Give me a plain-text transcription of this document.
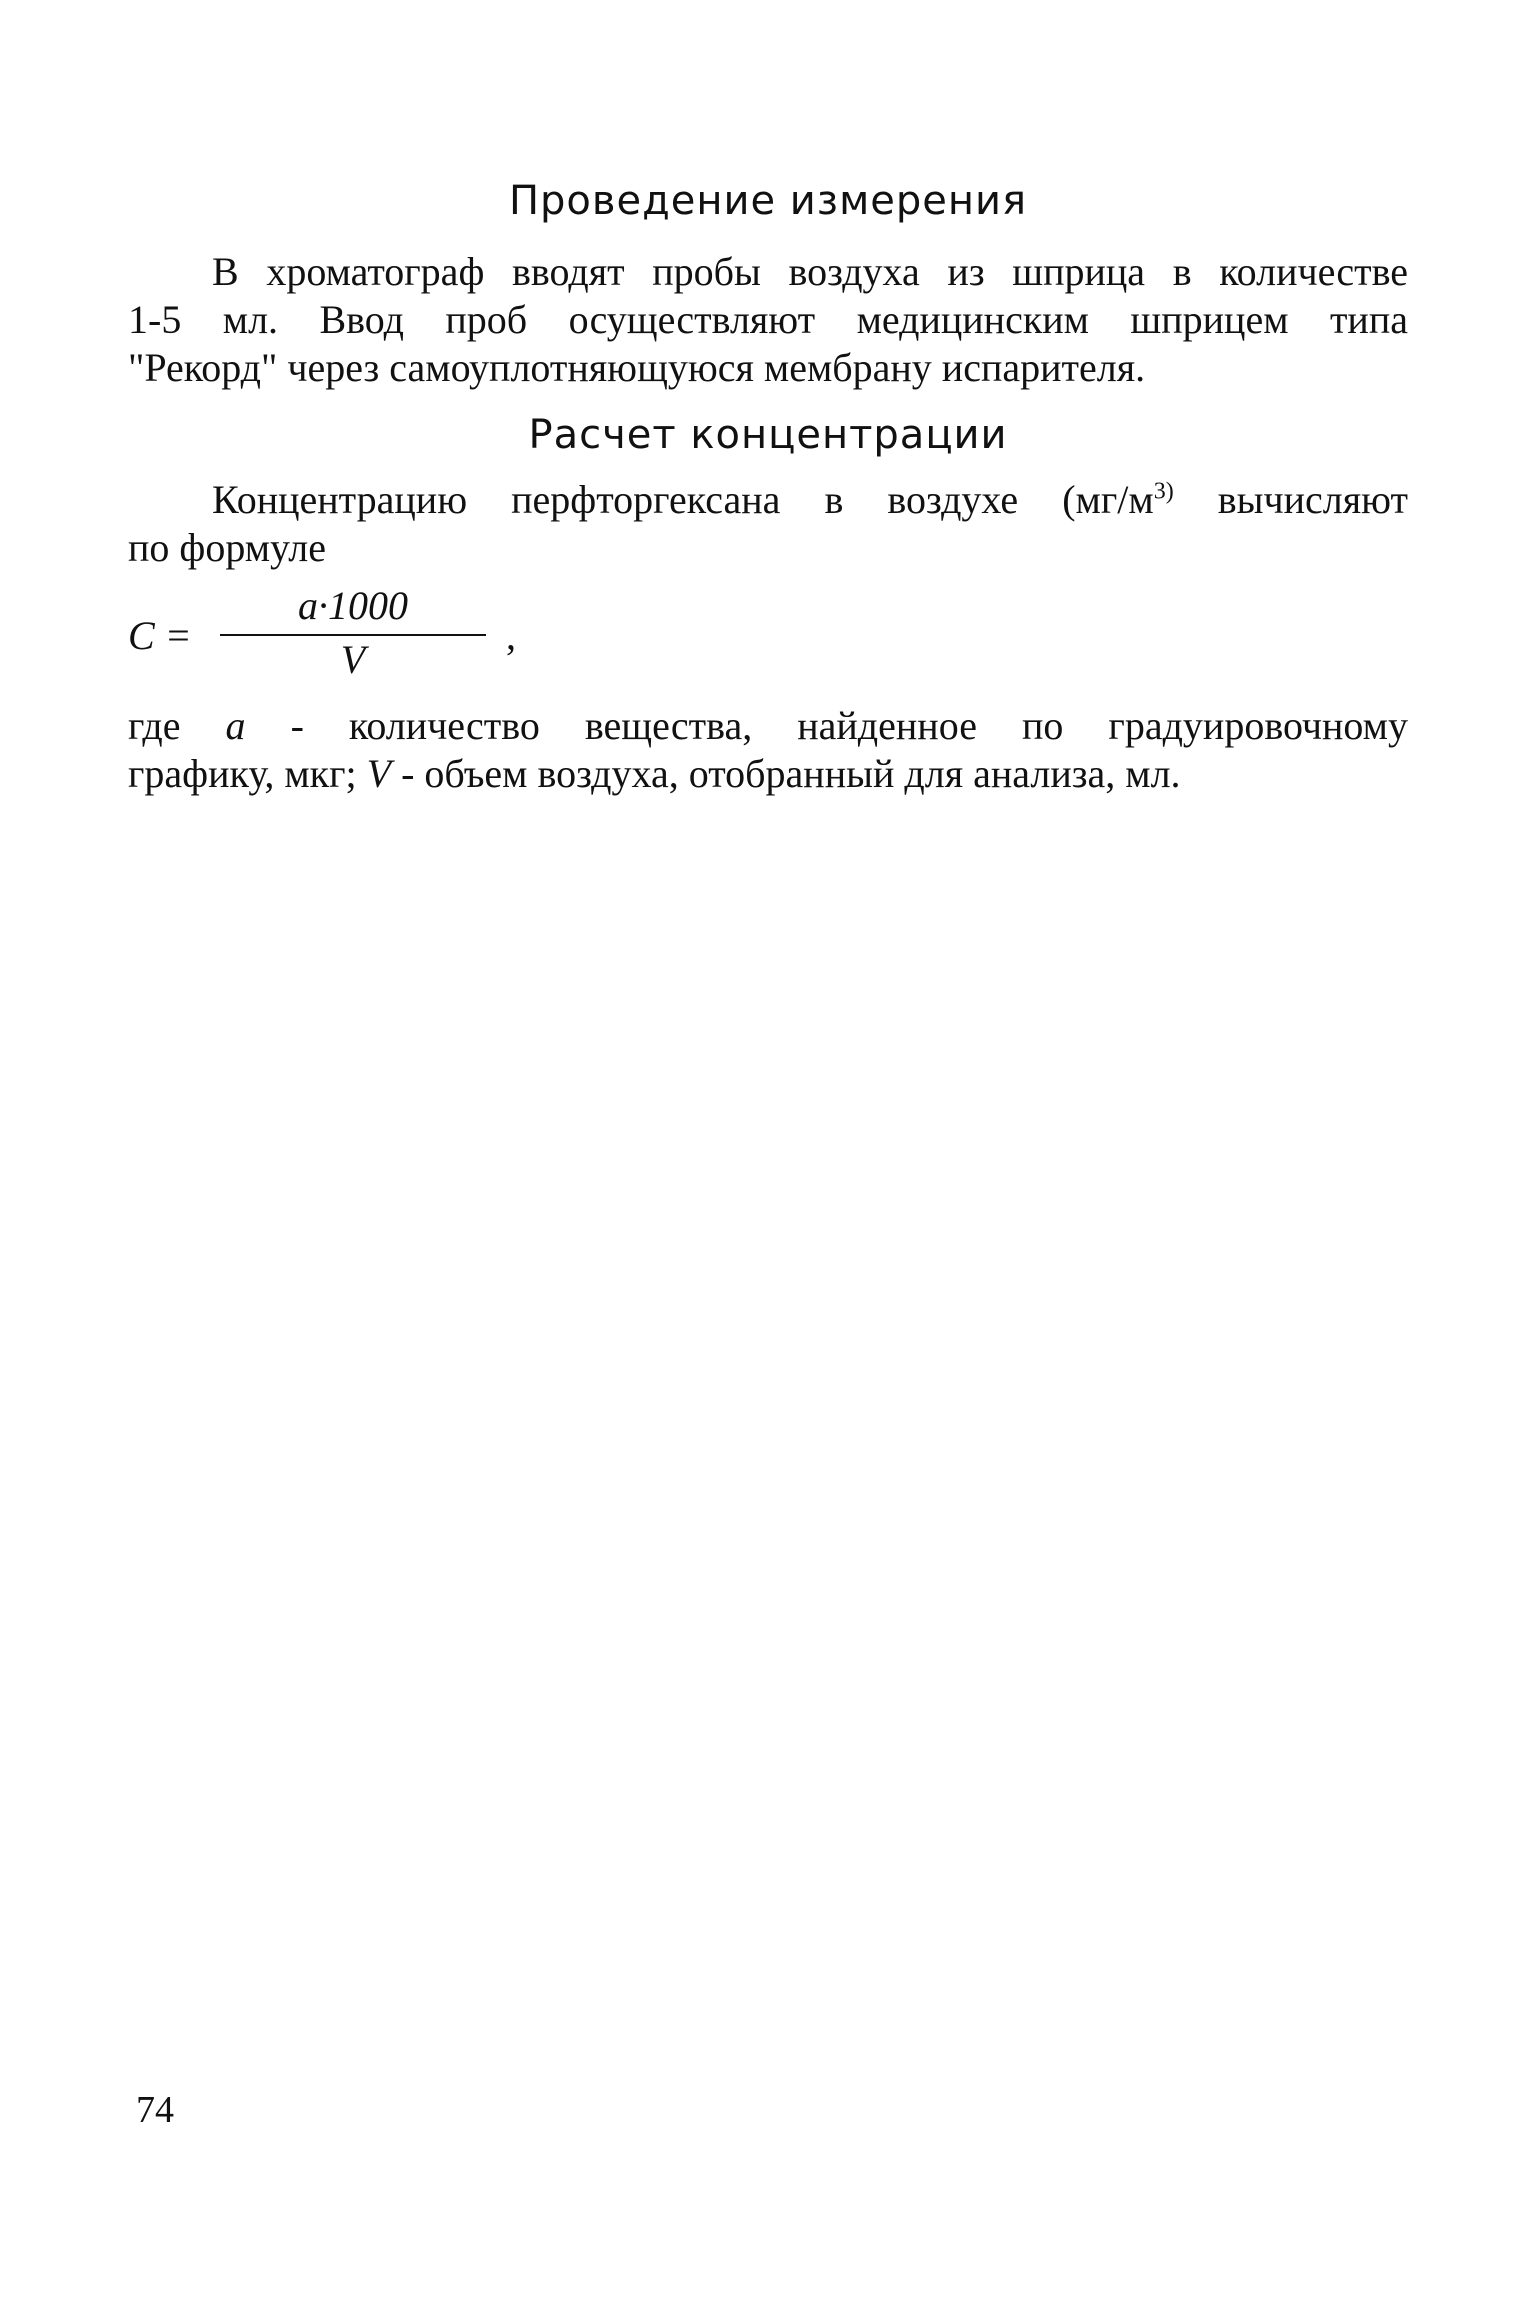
Проведение измерения
В хроматограф вводят пробы воздуха из шприца в количестве
1-5 мл. Ввод проб осуществляют медицинским шприцем типа
"Рекорд" через самоуплотняющуюся мембрану испарителя.
Расчет концентрации
Концентрацию перфторгексана в воздухе ($мг/м^{3)}$ вычисляют
по формуле
C =
a·1000
V
,
где a - количество вещества, найденное по градуировочному
графику, мкг; V - объем воздуха, отобранный для анализа, мл.
74
